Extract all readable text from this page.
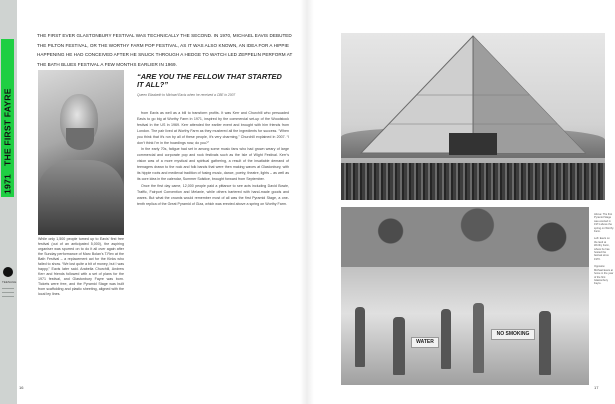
1971
THE FIRST FAYRE
TEENAGE
THE FIRST EVER GLASTONBURY FESTIVAL WAS TECHNICALLY THE SECOND. IN 1970, MICHAEL EAVIS DEBUTED THE PILTON FESTIVAL, OR THE WORTHY FARM POP FESTIVAL, AS IT WAS ALSO KNOWN, AN IDEA FOR A HIPPIE HAPPENING HE HAD CONCEIVED AFTER HE SNUCK THROUGH A HEDGE TO WATCH LED ZEPPELIN PERFORM AT THE BATH BLUES FESTIVAL A FEW MONTHS EARLIER IN 1969.
While only 1,500 people turned up to Eavis’ first free festival (out of an anticipated 5,000), the aspiring organiser was spurred on to do it all over again after the Sunday performance of Marc Bolan’s T.Rex at the Bath Festival – a replacement act for the Kinks who failed to show. “We lost quite a bit of money, but I was happy,” Eavis later said. Arabella Churchill, Andrew Kerr and friends followed with a set of plans for the 1971 festival, and Glastonbury Fayre was born. Tickets were free, and the Pyramid Stage was built from scaffolding and plastic sheeting, aligned with the local ley lines.
“ARE YOU THE FELLOW THAT STARTED IT ALL?”
Queen Elizabeth to Michael Eavis when he received a CBE in 2007

from Eavis as well as a bill to transform profits. It was Kerr and Churchill who persuaded Eavis to go big at Worthy Farm in 1971, inspired by the commercial set-up of the Woodstock festival in the US in 1969. Kerr attended the earlier event and brought with him friends from London. The pair lived at Worthy Farm as they mustered all the ingredients for success. “When you think that it’s run by all of these people, it’s very charming,” Churchill explained in 2007. “I don’t think I’m in the hoardings now, do you?”

In the early 70s, fatigue had set in among some music fans who had grown weary of large commercial and corporate pop and rock festivals such as the Isle of Wight Festival. Kerr’s vision was of a more mystical and spiritual gathering, a result of the insatiable demand of teenagers drawn to the rock and folk bands that were then making waves at Glastonbury, with its hippie roots and medieval tradition of fusing music, dance, poetry, theatre, lights – as well as its core idea in the calendar, Summer Solstice, brought forward from September.

Once the first day came, 12,000 people paid a pittance to see acts including David Bowie, Traffic, Fairport Convention and Melanie, while others bartered with hand-made goods and wares. But what the crowds would remember most of all was the first Pyramid Stage, a one-tenth replica of the Great Pyramid of Giza, which was erected above a spring on Worthy Farm.

16
WATER
NO SMOKING

Above: The first Pyramid Stage was erected in 1971 above the spring on Worthy Farm.

Left: Eavis on the land at Worthy Farm, where he has hosted the festival since 1970.

Opposite: Michael Eavis at home in the year of the first Glastonbury Fayre.

17
